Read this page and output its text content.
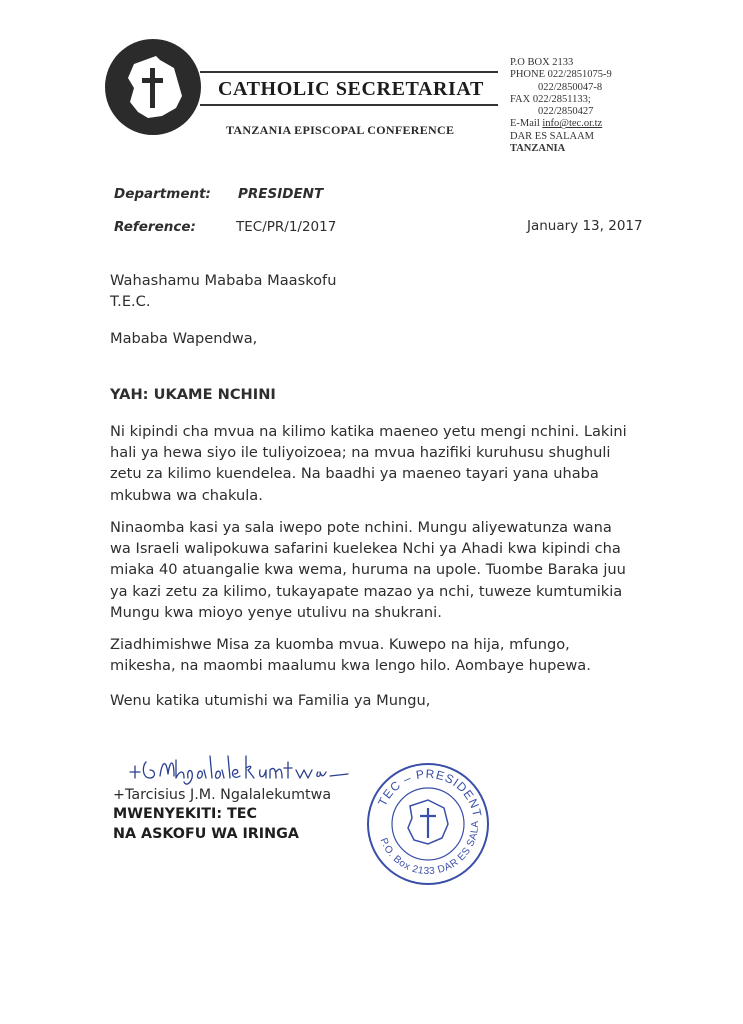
CATHOLIC SECRETARIAT
TANZANIA EPISCOPAL CONFERENCE
P.O BOX 2133
PHONE 022/2851075-9
022/2850047-8
FAX 022/2851133;
022/2850427
E-Mail info@tec.or.tz
DAR ES SALAAM
TANZANIA
Department: PRESIDENT
Reference:	TEC/PR/1/2017	January 13, 2017
Wahashamu Mababa Maaskofu
T.E.C.
Mababa Wapendwa,
YAH: UKAME NCHINI
Ni kipindi cha mvua na kilimo katika maeneo yetu mengi nchini. Lakini hali ya hewa siyo ile tuliyoizoea; na mvua hazifiki kuruhusu shughuli zetu za kilimo kuendelea. Na baadhi ya maeneo tayari yana uhaba mkubwa wa chakula.
Ninaomba kasi ya sala iwepo pote nchini. Mungu aliyewatunza wana wa Israeli walipokuwa safarini kuelekea Nchi ya Ahadi kwa kipindi cha miaka 40 atuangalie kwa wema, huruma na upole. Tuombe Baraka juu ya kazi zetu za kilimo, tukayapate mazao ya nchi, tuweze kumtumikia Mungu kwa mioyo yenye utulivu na shukrani.
Ziadhimishwe Misa za kuomba mvua. Kuwepo na hija, mfungo, mikesha, na maombi maalumu kwa lengo hilo. Aombaye hupewa.
Wenu katika utumishi wa Familia ya Mungu,
+Tarcisius J.M. Ngalalekumtwa
MWENYEKITI: TEC
NA ASKOFU WA IRINGA
TEC – PRESIDENT
P.O. Box 2133 DAR ES SALA
